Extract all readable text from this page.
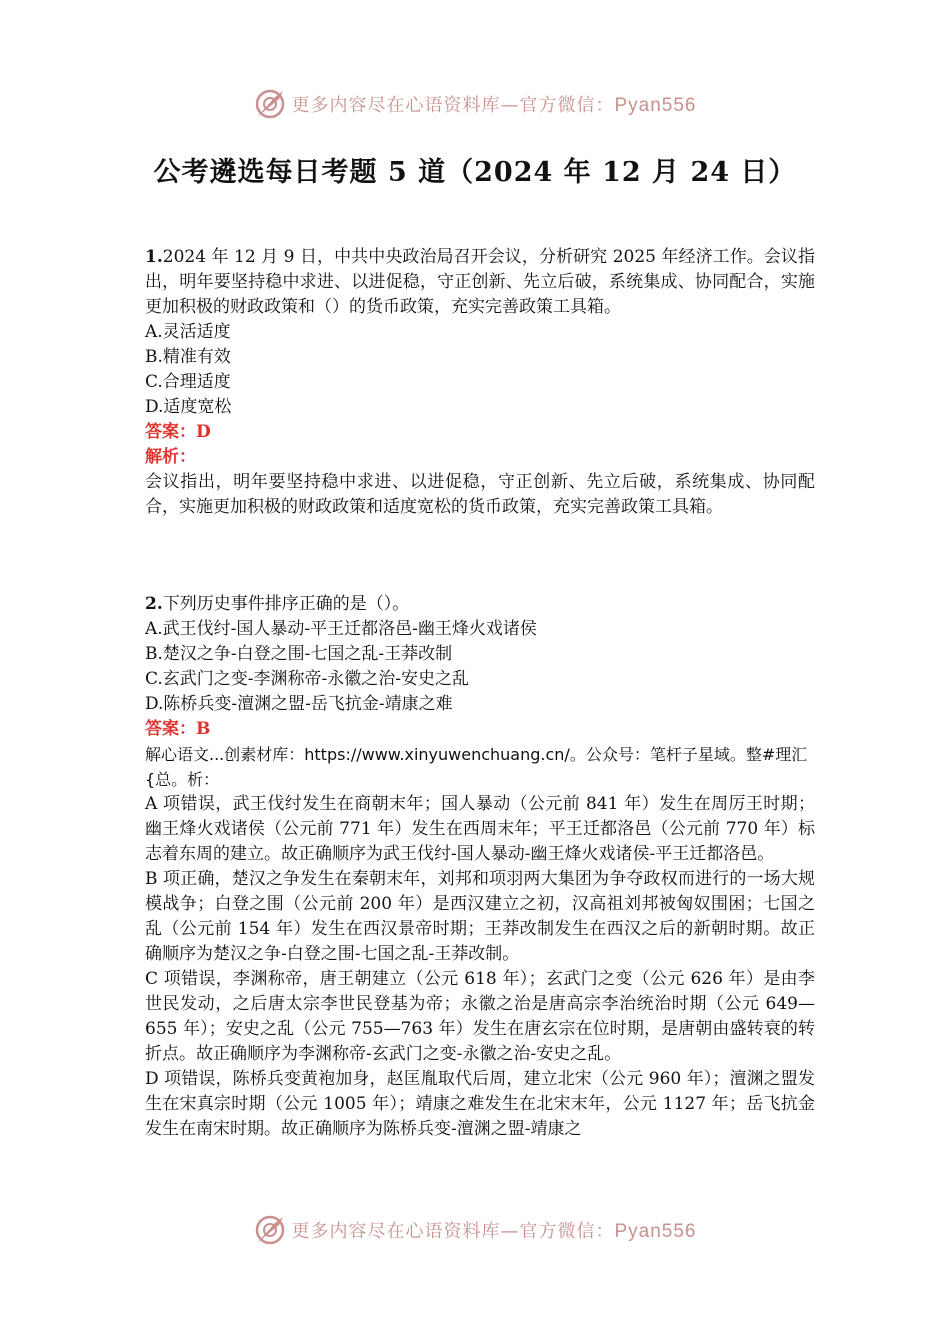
更多内容尽在心语资料库—官方微信：Pyan556
公考遴选每日考题 5 道（2024 年 12 月 24 日）

1.2024 年 12 月 9 日，中共中央政治局召开会议，分析研究 2025 年经济工作。会议指出，明年要坚持稳中求进、以进促稳，守正创新、先立后破，系统集成、协同配合，实施更加积极的财政政策和（）的货币政策，充实完善政策工具箱。

A.灵活适度

B.精准有效

C.合理适度

D.适度宽松

答案：D

解析：

会议指出，明年要坚持稳中求进、以进促稳，守正创新、先立后破，系统集成、协同配合，实施更加积极的财政政策和适度宽松的货币政策，充实完善政策工具箱。

2.下列历史事件排序正确的是（）。

A.武王伐纣-国人暴动-平王迁都洛邑-幽王烽火戏诸侯

B.楚汉之争-白登之围-七国之乱-王莽改制

C.玄武门之变-李渊称帝-永徽之治-安史之乱

D.陈桥兵变-澶渊之盟-岳飞抗金-靖康之难

答案：B

解心语文...创素材库：https://www.xinyuwenchuang.cn/。公众号：笔杆子星域。整#理汇{总。析：

A 项错误，武王伐纣发生在商朝末年；国人暴动（公元前 841 年）发生在周厉王时期；幽王烽火戏诸侯（公元前 771 年）发生在西周末年；平王迁都洛邑（公元前 770 年）标志着东周的建立。故正确顺序为武王伐纣-国人暴动-幽王烽火戏诸侯-平王迁都洛邑。

B 项正确，楚汉之争发生在秦朝末年，刘邦和项羽两大集团为争夺政权而进行的一场大规模战争；白登之围（公元前 200 年）是西汉建立之初，汉高祖刘邦被匈奴围困；七国之乱（公元前 154 年）发生在西汉景帝时期；王莽改制发生在西汉之后的新朝时期。故正确顺序为楚汉之争-白登之围-七国之乱-王莽改制。

C 项错误，李渊称帝，唐王朝建立（公元 618 年）；玄武门之变（公元 626 年）是由李世民发动，之后唐太宗李世民登基为帝；永徽之治是唐高宗李治统治时期（公元 649—655 年）；安史之乱（公元 755—763 年）发生在唐玄宗在位时期，是唐朝由盛转衰的转折点。故正确顺序为李渊称帝-玄武门之变-永徽之治-安史之乱。

D 项错误，陈桥兵变黄袍加身，赵匡胤取代后周，建立北宋（公元 960 年）；澶渊之盟发生在宋真宗时期（公元 1005 年）；靖康之难发生在北宋末年，公元 1127 年；岳飞抗金发生在南宋时期。故正确顺序为陈桥兵变-澶渊之盟-靖康之

更多内容尽在心语资料库—官方微信：Pyan556
